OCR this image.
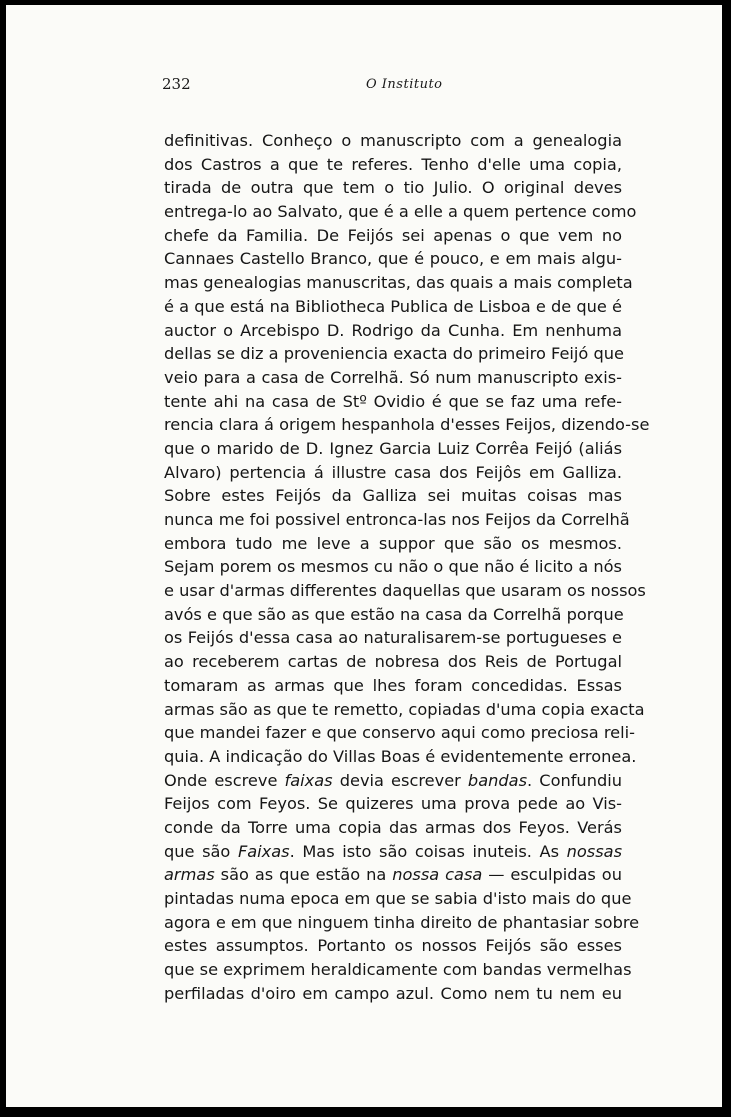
232	O Instituto
definitivas. Conheço o manuscripto com a genealogia
dos Castros a que te referes. Tenho d'elle uma copia,
tirada de outra que tem o tio Julio. O original deves
entrega-lo ao Salvato, que é a elle a quem pertence como
chefe da Familia. De Feijós sei apenas o que vem no
Cannaes Castello Branco, que é pouco, e em mais algu-
mas genealogias manuscritas, das quais a mais completa
é a que está na Bibliotheca Publica de Lisboa e de que é
auctor o Arcebispo D. Rodrigo da Cunha. Em nenhuma
dellas se diz a proveniencia exacta do primeiro Feijó que
veio para a casa de Correlhã. Só num manuscripto exis-
tente ahi na casa de Stº Ovidio é que se faz uma refe-
rencia clara á origem hespanhola d'esses Feijos, dizendo-se
que o marido de D. Ignez Garcia Luiz Corrêa Feijó (aliás
Alvaro) pertencia á illustre casa dos Feijôs em Galliza.
Sobre estes Feijós da Galliza sei muitas coisas mas
nunca me foi possivel entronca-las nos Feijos da Correlhã
embora tudo me leve a suppor que são os mesmos.
Sejam porem os mesmos cu não o que não é licito a nós
e usar d'armas differentes daquellas que usaram os nossos
avós e que são as que estão na casa da Correlhã porque
os Feijós d'essa casa ao naturalisarem-se portugueses e
ao receberem cartas de nobresa dos Reis de Portugal
tomaram as armas que lhes foram concedidas. Essas
armas são as que te remetto, copiadas d'uma copia exacta
que mandei fazer e que conservo aqui como preciosa reli-
quia. A indicação do Villas Boas é evidentemente erronea.
Onde escreve faixas devia escrever bandas. Confundiu
Feijos com Feyos. Se quizeres uma prova pede ao Vis-
conde da Torre uma copia das armas dos Feyos. Verás
que são Faixas. Mas isto são coisas inuteis. As nossas
armas são as que estão na nossa casa — esculpidas ou
pintadas numa epoca em que se sabia d'isto mais do que
agora e em que ninguem tinha direito de phantasiar sobre
estes assumptos. Portanto os nossos Feijós são esses
que se exprimem heraldicamente com bandas vermelhas
perfiladas d'oiro em campo azul. Como nem tu nem eu
